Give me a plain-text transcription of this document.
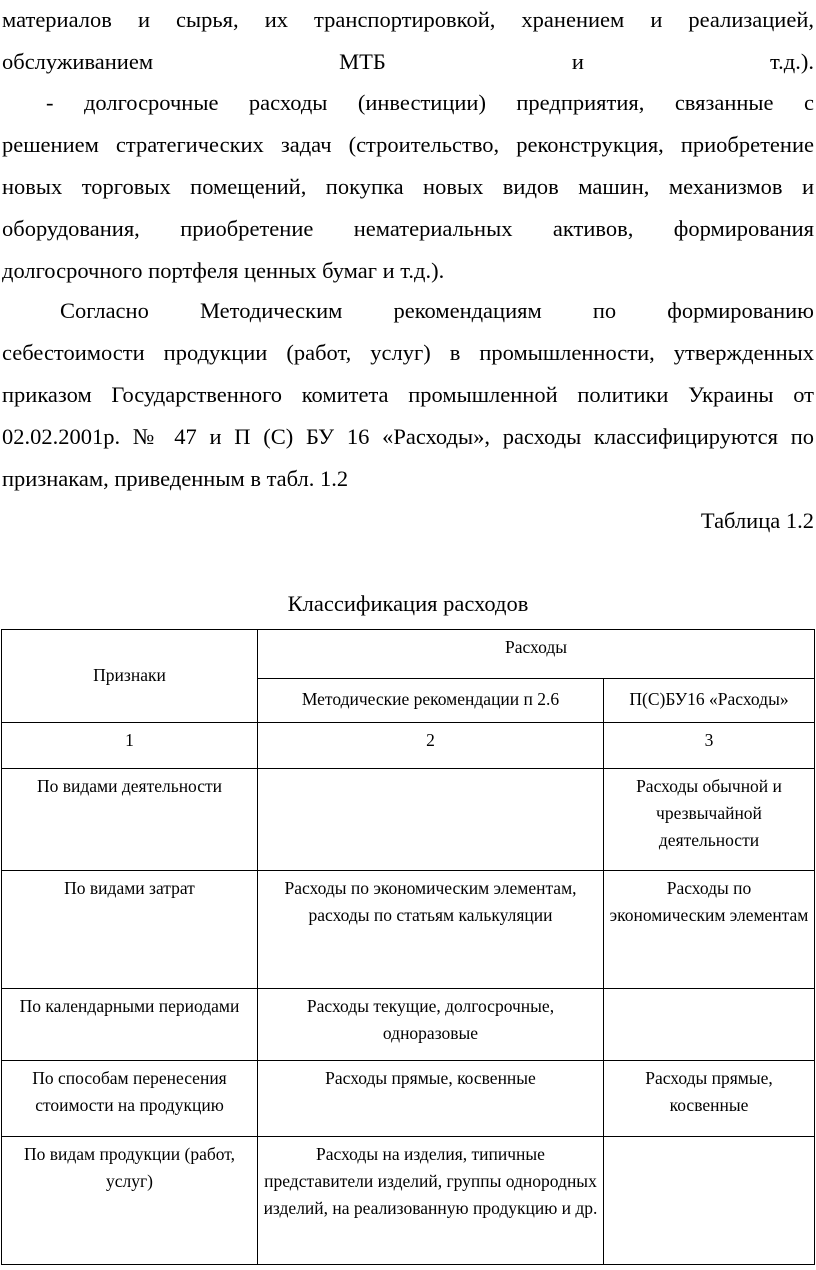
материалов и сырья, их транспортировкой, хранением и реализацией,
обслуживанием МТБ и т.д.).

- долгосрочные расходы (инвестиции) предприятия, связанные с
решением стратегических задач (строительство, реконструкция, приобретение
новых торговых помещений, покупка новых видов машин, механизмов и
оборудования, приобретение нематериальных активов, формирования
долгосрочного портфеля ценных бумаг и т.д.).

Согласно Методическим рекомендациям по формированию
себестоимости продукции (работ, услуг) в промышленности, утвержденных
приказом Государственного комитета промышленной политики Украины от
02.02.2001р. № 47 и П (С) БУ 16 «Расходы», расходы классифицируются по
признакам, приведенным в табл. 1.2

Таблица 1.2
Классификация расходов
Признаки	Расходы	
	Методические рекомендации п 2.6	П(С)БУ16 «Расходы»
1	2	3
По видами деятельности		Расходы обычной и чрезвычайной деятельности
По видами затрат	Расходы по экономическим элементам, расходы по статьям калькуляции	Расходы по экономическим элементам
По календарными периодами	Расходы текущие, долгосрочные, одноразовые	
По способам перенесения стоимости на продукцию	Расходы прямые, косвенные	Расходы прямые, косвенные
По видам продукции (работ, услуг)	Расходы на изделия, типичные представители изделий, группы однородных изделий, на реализованную продукцию и др.	
